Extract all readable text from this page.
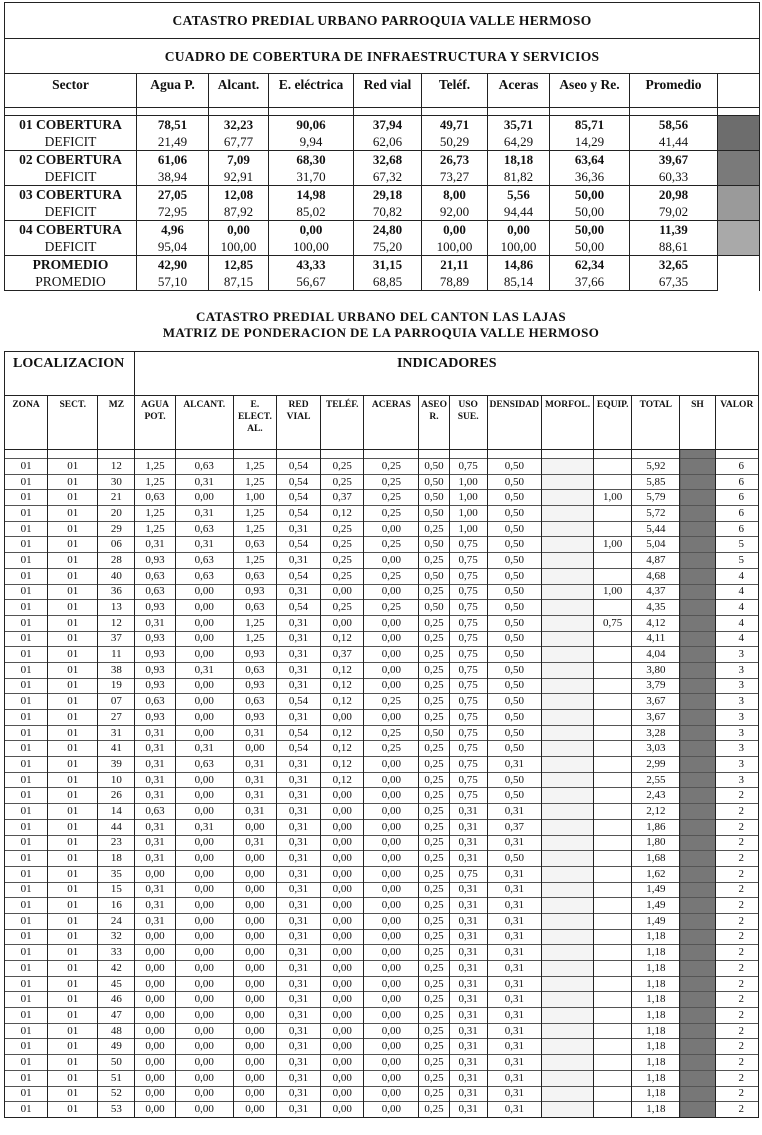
CATASTRO PREDIAL URBANO PARROQUIA VALLE HERMOSO									
CUADRO DE COBERTURA DE INFRAESTRUCTURA Y SERVICIOS									
Sector	Agua P.	Alcant.	E. eléctrica	Red vial	Teléf.	Aceras	Aseo y Re.	Promedio	

01 COBERTURA	78,51	32,23	90,06	37,94	49,71	35,71	85,71	58,56	
DEFICIT	21,49	67,77	9,94	62,06	50,29	64,29	14,29	41,44	
02 COBERTURA	61,06	7,09	68,30	32,68	26,73	18,18	63,64	39,67	
DEFICIT	38,94	92,91	31,70	67,32	73,27	81,82	36,36	60,33	
03 COBERTURA	27,05	12,08	14,98	29,18	8,00	5,56	50,00	20,98	
DEFICIT	72,95	87,92	85,02	70,82	92,00	94,44	50,00	79,02	
04 COBERTURA	4,96	0,00	0,00	24,80	0,00	0,00	50,00	11,39	
DEFICIT	95,04	100,00	100,00	75,20	100,00	100,00	50,00	88,61	
PROMEDIO	42,90	12,85	43,33	31,15	21,11	14,86	62,34	32,65	
PROMEDIO	57,10	87,15	56,67	68,85	78,89	85,14	37,66	67,35	
CATASTRO PREDIAL URBANO DEL CANTON LAS LAJAS
MATRIZ DE PONDERACION DE LA PARROQUIA VALLE HERMOSO
LOCALIZACION			INDICADORES													
ZONA	SECT.	MZ	AGUA POT.	ALCANT.	E. ELECT. AL.	RED VIAL	TELÉF.	ACERAS	ASEO R.	USO SUE.	DENSIDAD	MORFOL.	EQUIP.	TOTAL	SH	VALOR

01	01	12	1,25	0,63	1,25	0,54	0,25	0,25	0,50	0,75	0,50			5,92		6
01	01	30	1,25	0,31	1,25	0,54	0,25	0,25	0,50	1,00	0,50			5,85		6
01	01	21	0,63	0,00	1,00	0,54	0,37	0,25	0,50	1,00	0,50		1,00	5,79		6
01	01	20	1,25	0,31	1,25	0,54	0,12	0,25	0,50	1,00	0,50			5,72		6
01	01	29	1,25	0,63	1,25	0,31	0,25	0,00	0,25	1,00	0,50			5,44		6
01	01	06	0,31	0,31	0,63	0,54	0,25	0,25	0,50	0,75	0,50		1,00	5,04		5
01	01	28	0,93	0,63	1,25	0,31	0,25	0,00	0,25	0,75	0,50			4,87		5
01	01	40	0,63	0,63	0,63	0,54	0,25	0,25	0,50	0,75	0,50			4,68		4
01	01	36	0,63	0,00	0,93	0,31	0,00	0,00	0,25	0,75	0,50		1,00	4,37		4
01	01	13	0,93	0,00	0,63	0,54	0,25	0,25	0,50	0,75	0,50			4,35		4
01	01	12	0,31	0,00	1,25	0,31	0,00	0,00	0,25	0,75	0,50		0,75	4,12		4
01	01	37	0,93	0,00	1,25	0,31	0,12	0,00	0,25	0,75	0,50			4,11		4
01	01	11	0,93	0,00	0,93	0,31	0,37	0,00	0,25	0,75	0,50			4,04		3
01	01	38	0,93	0,31	0,63	0,31	0,12	0,00	0,25	0,75	0,50			3,80		3
01	01	19	0,93	0,00	0,93	0,31	0,12	0,00	0,25	0,75	0,50			3,79		3
01	01	07	0,63	0,00	0,63	0,54	0,12	0,25	0,25	0,75	0,50			3,67		3
01	01	27	0,93	0,00	0,93	0,31	0,00	0,00	0,25	0,75	0,50			3,67		3
01	01	31	0,31	0,00	0,31	0,54	0,12	0,25	0,50	0,75	0,50			3,28		3
01	01	41	0,31	0,31	0,00	0,54	0,12	0,25	0,25	0,75	0,50			3,03		3
01	01	39	0,31	0,63	0,31	0,31	0,12	0,00	0,25	0,75	0,31			2,99		3
01	01	10	0,31	0,00	0,31	0,31	0,12	0,00	0,25	0,75	0,50			2,55		3
01	01	26	0,31	0,00	0,31	0,31	0,00	0,00	0,25	0,75	0,50			2,43		2
01	01	14	0,63	0,00	0,31	0,31	0,00	0,00	0,25	0,31	0,31			2,12		2
01	01	44	0,31	0,31	0,00	0,31	0,00	0,00	0,25	0,31	0,37			1,86		2
01	01	23	0,31	0,00	0,31	0,31	0,00	0,00	0,25	0,31	0,31			1,80		2
01	01	18	0,31	0,00	0,00	0,31	0,00	0,00	0,25	0,31	0,50			1,68		2
01	01	35	0,00	0,00	0,00	0,31	0,00	0,00	0,25	0,75	0,31			1,62		2
01	01	15	0,31	0,00	0,00	0,31	0,00	0,00	0,25	0,31	0,31			1,49		2
01	01	16	0,31	0,00	0,00	0,31	0,00	0,00	0,25	0,31	0,31			1,49		2
01	01	24	0,31	0,00	0,00	0,31	0,00	0,00	0,25	0,31	0,31			1,49		2
01	01	32	0,00	0,00	0,00	0,31	0,00	0,00	0,25	0,31	0,31			1,18		2
01	01	33	0,00	0,00	0,00	0,31	0,00	0,00	0,25	0,31	0,31			1,18		2
01	01	42	0,00	0,00	0,00	0,31	0,00	0,00	0,25	0,31	0,31			1,18		2
01	01	45	0,00	0,00	0,00	0,31	0,00	0,00	0,25	0,31	0,31			1,18		2
01	01	46	0,00	0,00	0,00	0,31	0,00	0,00	0,25	0,31	0,31			1,18		2
01	01	47	0,00	0,00	0,00	0,31	0,00	0,00	0,25	0,31	0,31			1,18		2
01	01	48	0,00	0,00	0,00	0,31	0,00	0,00	0,25	0,31	0,31			1,18		2
01	01	49	0,00	0,00	0,00	0,31	0,00	0,00	0,25	0,31	0,31			1,18		2
01	01	50	0,00	0,00	0,00	0,31	0,00	0,00	0,25	0,31	0,31			1,18		2
01	01	51	0,00	0,00	0,00	0,31	0,00	0,00	0,25	0,31	0,31			1,18		2
01	01	52	0,00	0,00	0,00	0,31	0,00	0,00	0,25	0,31	0,31			1,18		2
01	01	53	0,00	0,00	0,00	0,31	0,00	0,00	0,25	0,31	0,31			1,18		2
